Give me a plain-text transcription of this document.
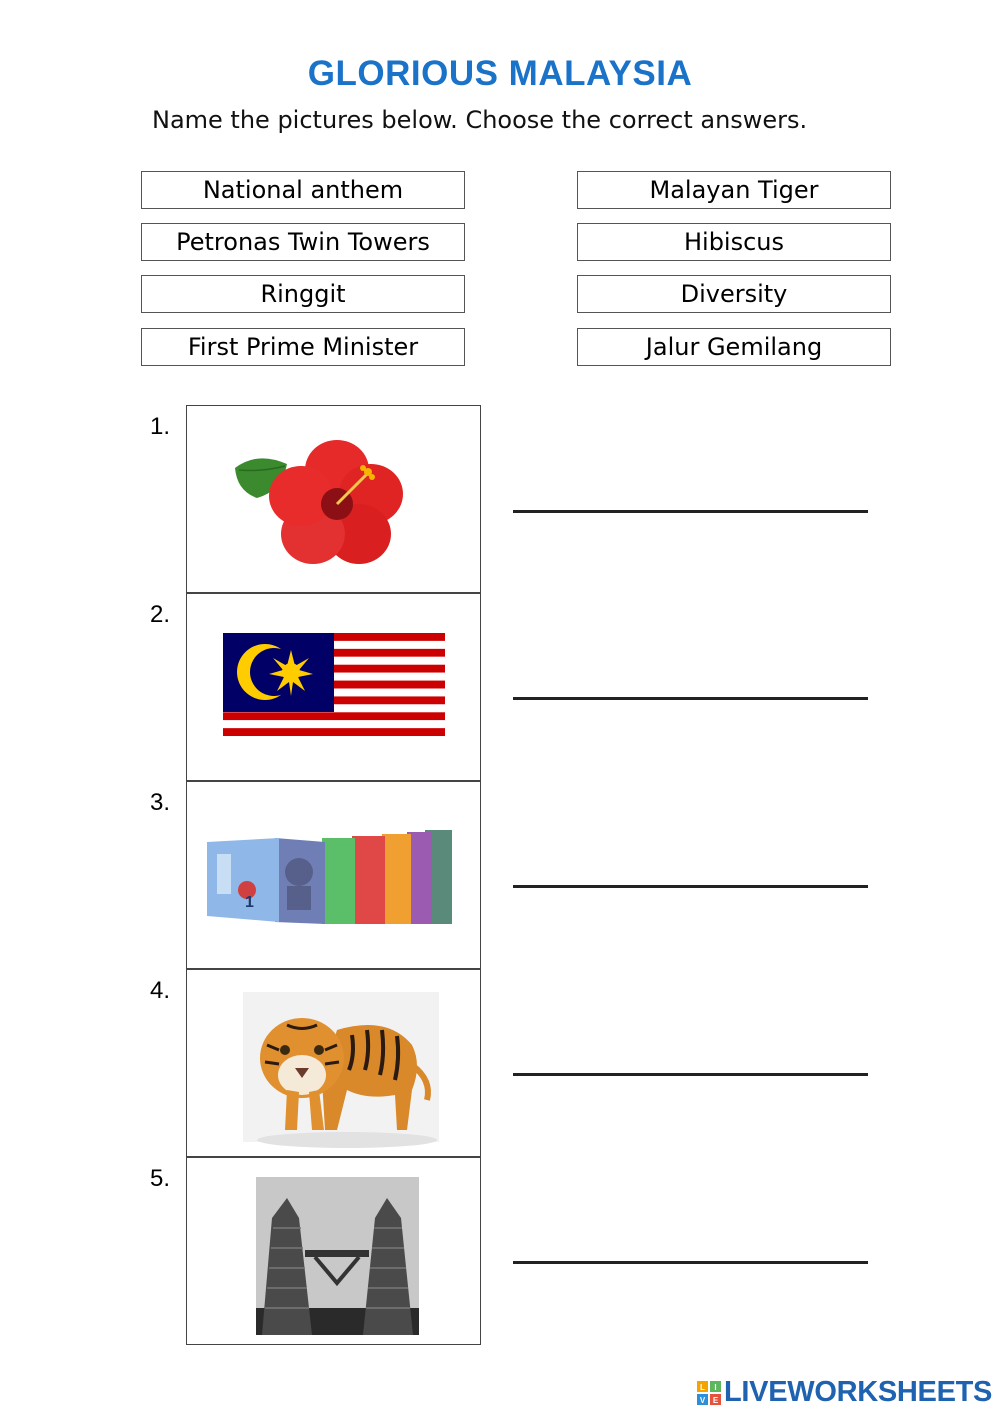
GLORIOUS MALAYSIA
Name the pictures below. Choose the correct answers.
National anthem
Petronas Twin Towers
Ringgit
First Prime Minister
Malayan Tiger
Hibiscus
Diversity
Jalur Gemilang
1.
2.
3.
1
4.
5.
L I
V E LIVEWORKSHEETS
